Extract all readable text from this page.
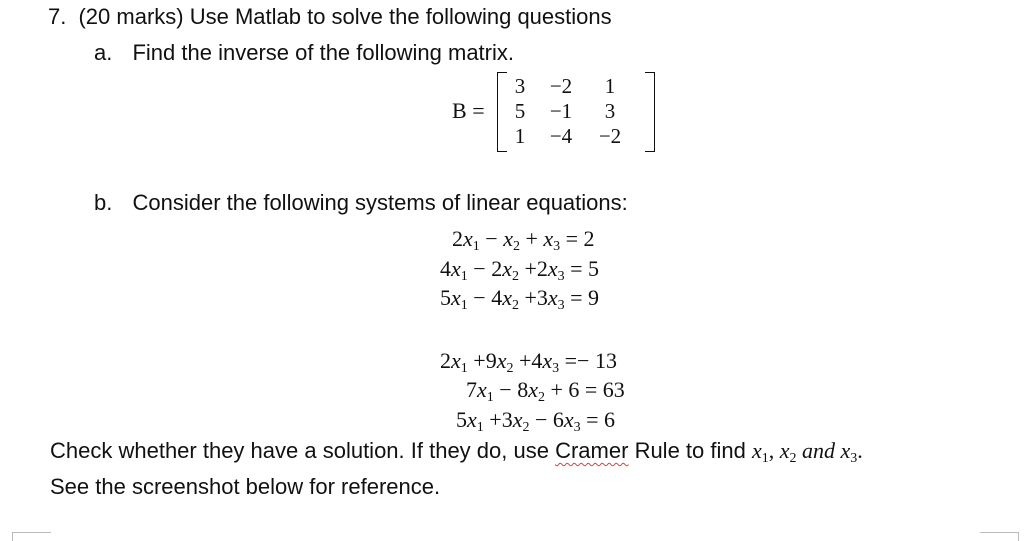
7. (20 marks) Use Matlab to solve the following questions
a. Find the inverse of the following matrix.
B =
3	−2	1
5	−1	3
1	−4	−2
b. Consider the following systems of linear equations:
$2x_1 - x_2 + x_3 = 2$
$4x_1 - 2x_2 +2x_3 = 5$
$5x_1 - 4x_2 +3x_3 = 9$
$2x_1 +9x_2 +4x_3 =- 13$
$7x_1 - 8x_2 + 6 = 63$
$5x_1 +3x_2 - 6x_3 = 6$
Check whether they have a solution. If they do, use Cramer Rule to find $x_1$, $x_2$ and $x_3$.
See the screenshot below for reference.
